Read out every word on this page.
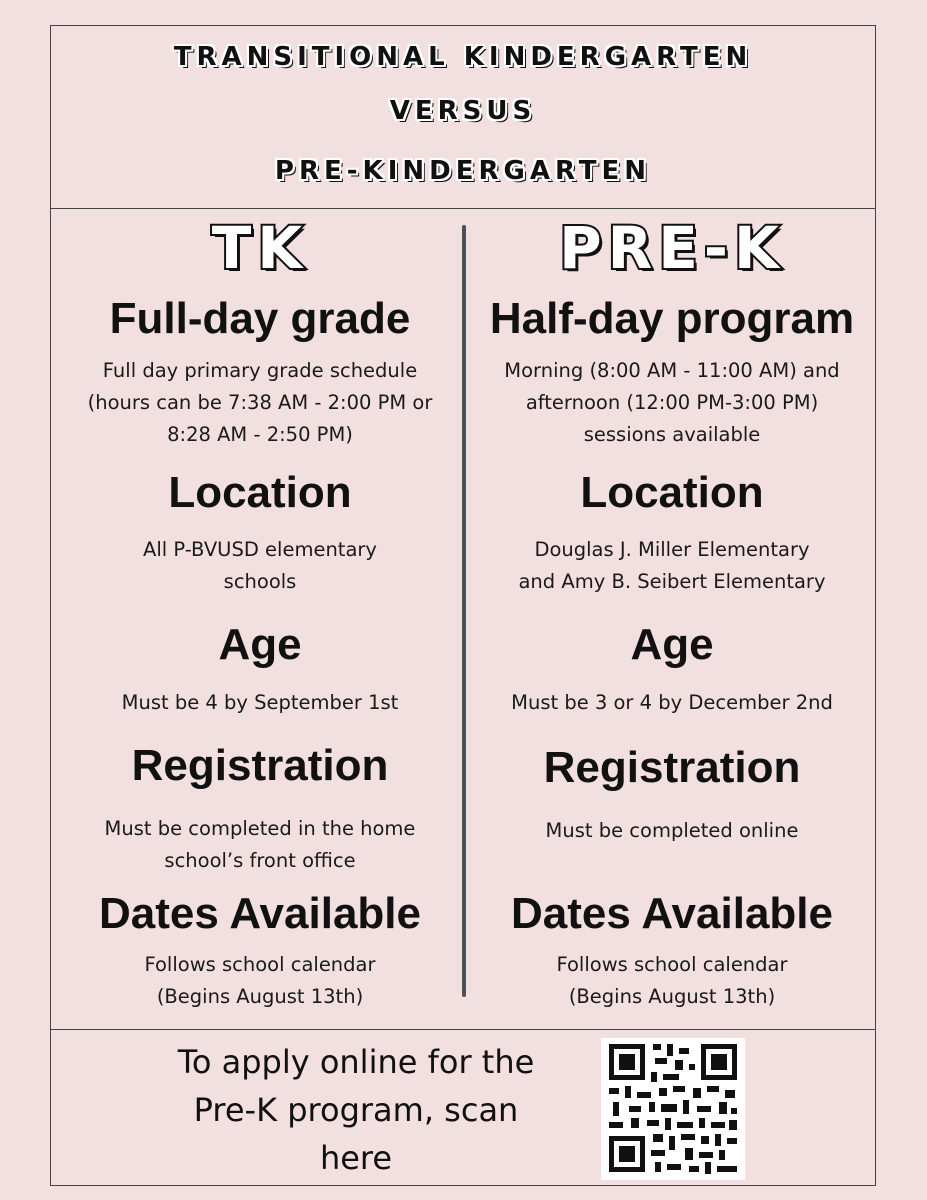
TRANSITIONAL KINDERGARTEN
VERSUS
PRE-KINDERGARTEN
TK
Full-day grade
Full day primary grade schedule
(hours can be 7:38 AM - 2:00 PM or
8:28 AM - 2:50 PM)
Location
All P-BVUSD elementary
schools
Age
Must be 4 by September 1st
Registration
Must be completed in the home
school’s front office
Dates Available
Follows school calendar
(Begins August 13th)
PRE-K
Half-day program
Morning (8:00 AM - 11:00 AM) and
afternoon (12:00 PM-3:00 PM)
sessions available
Location
Douglas J. Miller Elementary
and Amy B. Seibert Elementary
Age
Must be 3 or 4 by December 2nd
Registration
Must be completed online
Dates Available
Follows school calendar
(Begins August 13th)
To apply online for the
Pre-K program, scan
here
